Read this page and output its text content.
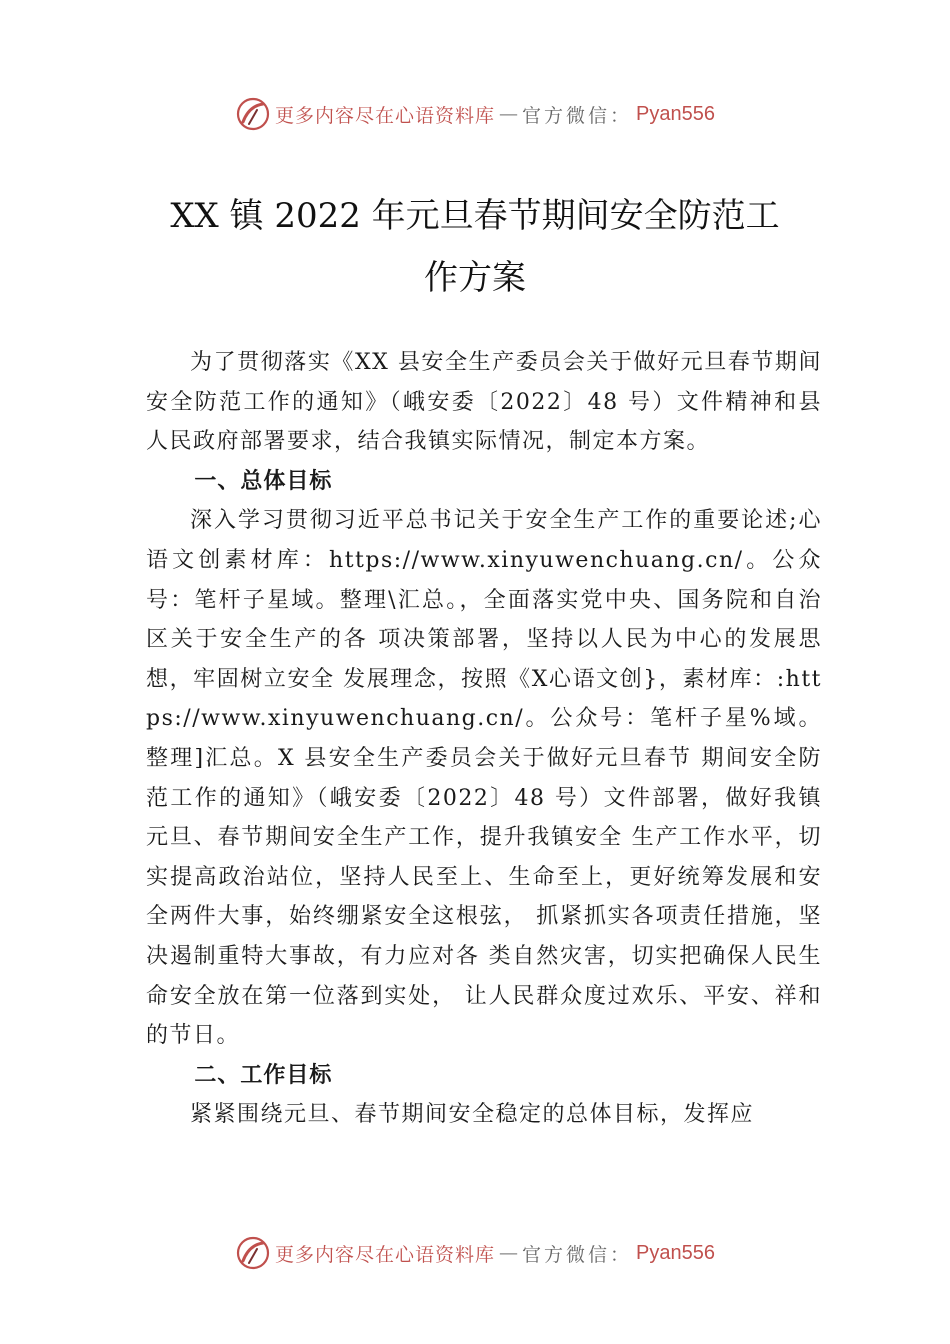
更多内容尽在心语资料库 — 官方微信： Pyan556
XX 镇 2022 年元旦春节期间安全防范工
作方案

为了贯彻落实《XX 县安全生产委员会关于做好元旦春节期间安全防范工作的通知》（峨安委〔2022〕48 号）文件精神和县人民政府部署要求，结合我镇实际情况，制定本方案。

一、总体目标

深入学习贯彻习近平总书记关于安全生产工作的重要论述;心语文创素材库：https://www.xinyuwenchuang.cn/。公众号：笔杆子星域。整理\汇总。，全面落实党中央、国务院和自治区关于安全生产的各 项决策部署，坚持以人民为中心的发展思想，牢固树立安全 发展理念，按照《X心语文创}，素材库：:https://www.xinyuwenchuang.cn/。公众号：笔杆子星%域。整理]汇总。X 县安全生产委员会关于做好元旦春节 期间安全防范工作的通知》（峨安委〔2022〕48 号）文件部署，做好我镇元旦、春节期间安全生产工作，提升我镇安全 生产工作水平，切实提高政治站位，坚持人民至上、生命至上，更好统筹发展和安全两件大事，始终绷紧安全这根弦， 抓紧抓实各项责任措施，坚决遏制重特大事故，有力应对各 类自然灾害，切实把确保人民生命安全放在第一位落到实处， 让人民群众度过欢乐、平安、祥和的节日。

二、工作目标

紧紧围绕元旦、春节期间安全稳定的总体目标，发挥应

更多内容尽在心语资料库 — 官方微信： Pyan556
